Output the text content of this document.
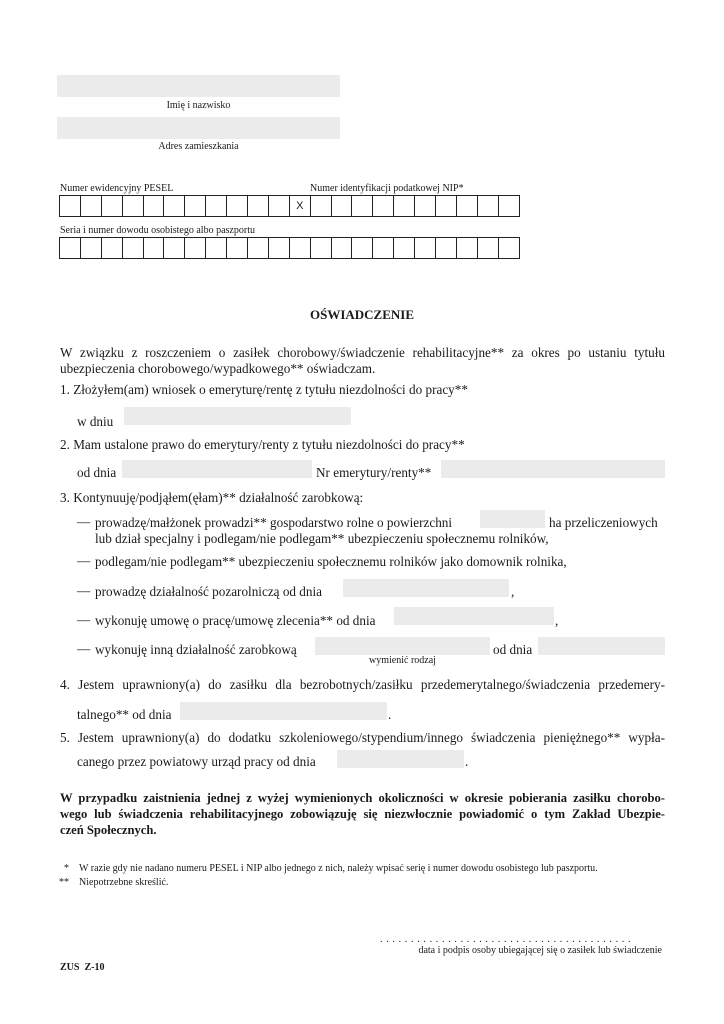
Imię i nazwisko
Adres zamieszkania
Numer ewidencyjny PESEL	Numer identyfikacji podatkowej NIP*
X
Seria i numer dowodu osobistego albo paszportu
OŚWIADCZENIE
W związku z roszczeniem o zasiłek chorobowy/świadczenie rehabilitacyjne** za okres po ustaniu tytułu
ubezpieczenia chorobowego/wypadkowego** oświadczam.
1. Złożyłem(am) wniosek o emeryturę/rentę z tytułu niezdolności do pracy**
w dniu
2. Mam ustalone prawo do emerytury/renty z tytułu niezdolności do pracy**
od dnia	Nr emerytury/renty**
3. Kontynuuję/podjąłem(ęłam)** działalność zarobkową:
— prowadzę/małżonek prowadzi** gospodarstwo rolne o powierzchni	ha przeliczeniowych
lub dział specjalny i podlegam/nie podlegam** ubezpieczeniu społecznemu rolników,
— podlegam/nie podlegam** ubezpieczeniu społecznemu rolników jako domownik rolnika,
— prowadzę działalność pozarolniczą od dnia	,
— wykonuję umowę o pracę/umowę zlecenia** od dnia	,
— wykonuję inną działalność zarobkową
wymienić rodzaj
od dnia
4. Jestem uprawniony(a) do zasiłku dla bezrobotnych/zasiłku przedemerytalnego/świadczenia przedemery-
talnego** od dnia	.
5. Jestem uprawniony(a) do dodatku szkoleniowego/stypendium/innego świadczenia pieniężnego** wypła-
canego przez powiatowy urząd pracy od dnia	.
W przypadku zaistnienia jednej z wyżej wymienionych okoliczności w okresie pobierania zasiłku chorobo-
wego lub świadczenia rehabilitacyjnego zobowiązuję się niezwłocznie powiadomić o tym Zakład Ubezpie-
czeń Społecznych.
* W razie gdy nie nadano numeru PESEL i NIP albo jednego z nich, należy wpisać serię i numer dowodu osobistego lub paszportu.
** Niepotrzebne skreślić.
. . . . . . . . . . . . . . . . . . . . . . . . . . . . . . . . . . . . . . . . .
data i podpis osoby ubiegającej się o zasiłek lub świadczenie
ZUS  Z-10
